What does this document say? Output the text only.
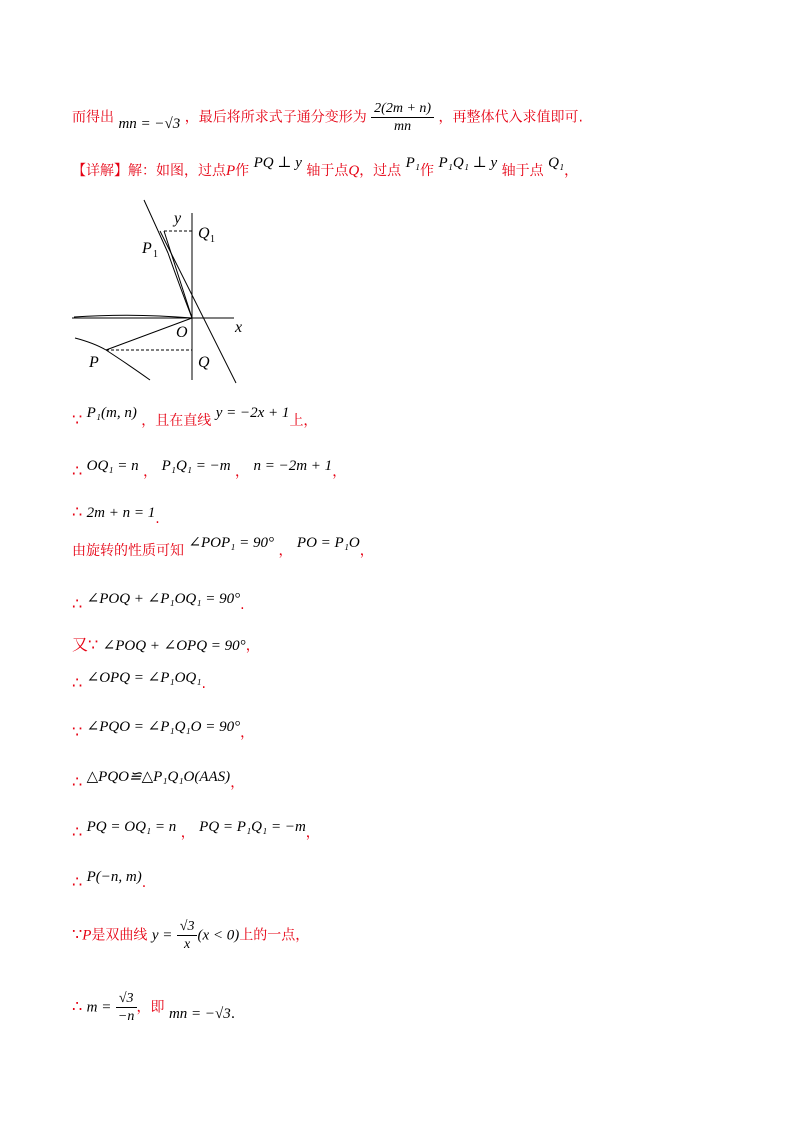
而得出 mn = −√3 ，最后将所求式子通分变形为 $\frac{2(2m + n)}{mn}$ ，再整体代入求值即可.
【详解】解：如图，过点P作 PQ ⊥ y 轴于点Q，过点 P₁作 P₁Q₁ ⊥ y 轴于点 Q₁，
y
x
O
P
P 1
Q
Q 1
∵ P₁(m, n) ，且在直线 y = −2x + 1上，
∴ OQ₁ = n ， P₁Q₁ = −m ， n = −2m + 1，
∴ 2m + n = 1.
由旋转的性质可知 ∠POP₁ = 90° ， PO = P₁O，
∴ ∠POQ + ∠P₁OQ₁ = 90°.
又∵ ∠POQ + ∠OPQ = 90°，
∴ ∠OPQ = ∠P₁OQ₁.
∵ ∠PQO = ∠P₁Q₁O = 90°，
∴ △PQO≌△P₁Q₁O(AAS)，
∴ PQ = OQ₁ = n ， PQ = P₁Q₁ = −m，
∴ P(−n, m).
∵P是双曲线 $y = \frac{√3}{x} (x < 0)$上的一点，
∴ $m = \frac{√3}{-n}$ ，即 mn = −√3.
